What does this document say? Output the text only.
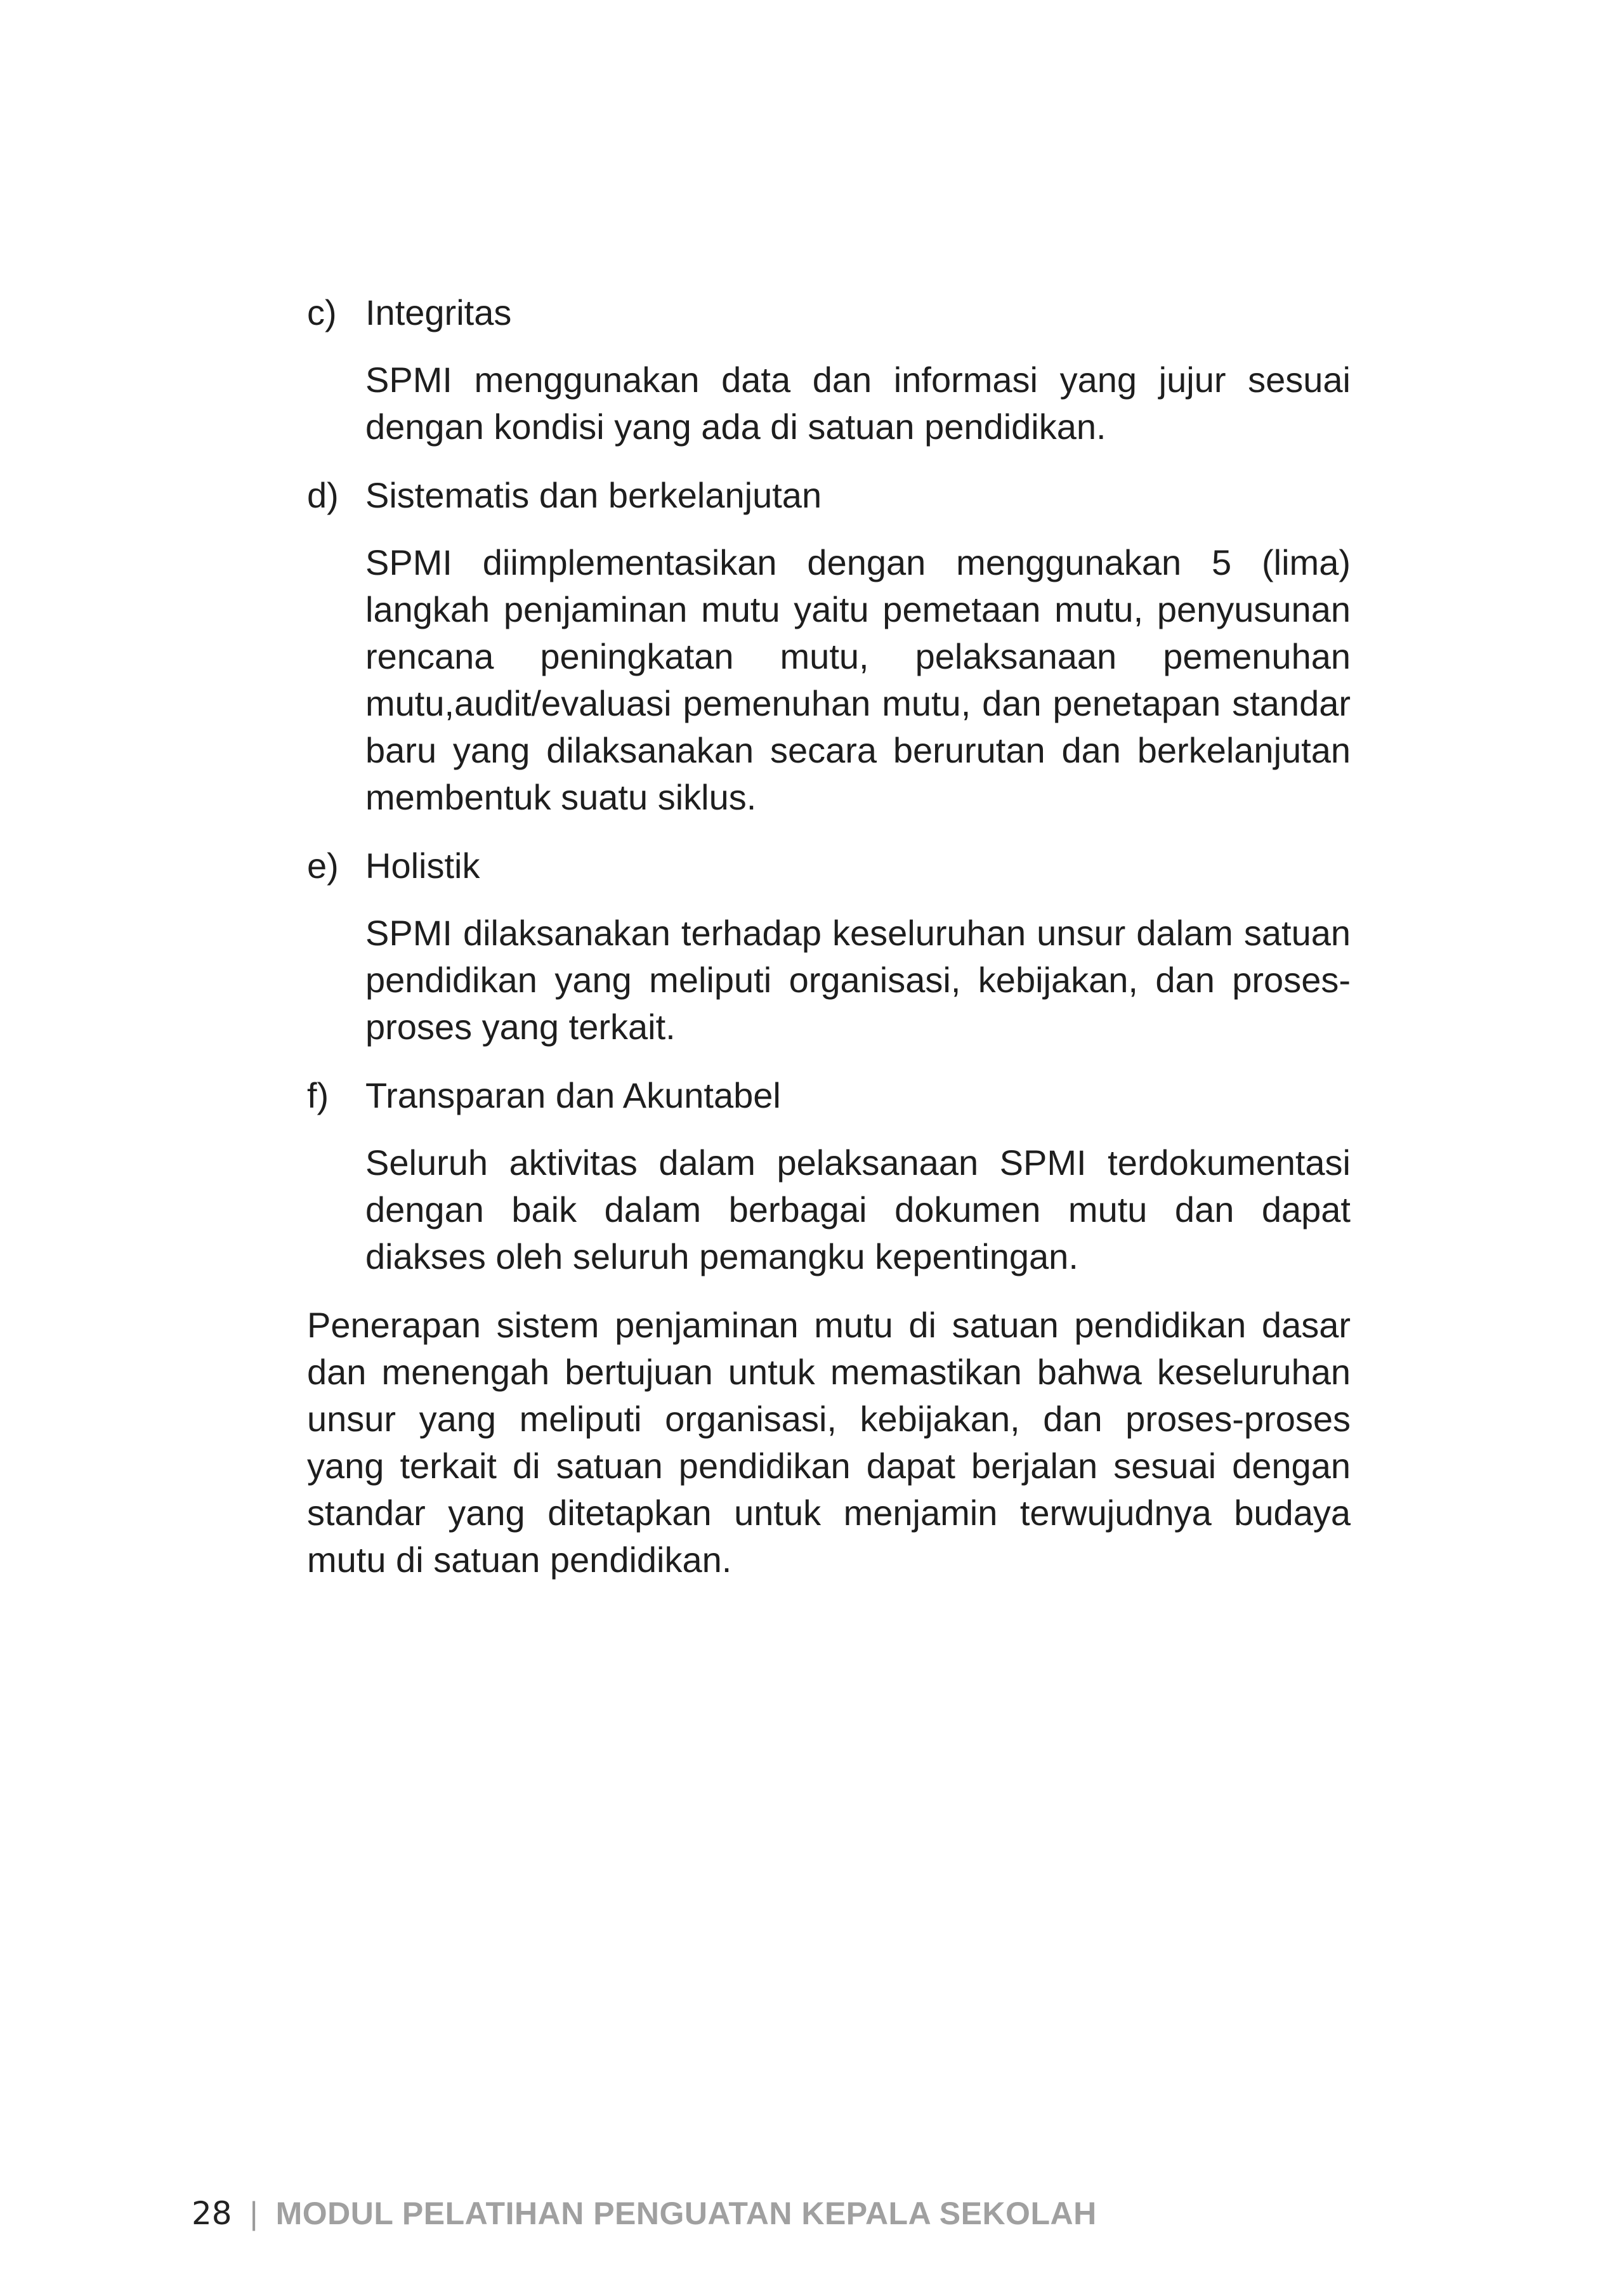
c) Integritas

SPMI menggunakan data dan informasi yang jujur sesuai dengan kondisi yang ada di satuan pendidikan.

d) Sistematis dan berkelanjutan

SPMI diimplementasikan dengan menggunakan 5 (lima) langkah penjaminan mutu yaitu pemetaan mutu, penyusunan rencana peningkatan mutu, pelaksanaan pemenuhan mutu,audit/evaluasi pemenuhan mutu, dan penetapan standar baru yang dilaksanakan secara berurutan dan berkelanjutan membentuk suatu siklus.

e) Holistik

SPMI dilaksanakan terhadap keseluruhan unsur dalam satuan pendidikan yang meliputi organisasi, kebijakan, dan proses-proses yang terkait.

f) Transparan dan Akuntabel

Seluruh aktivitas dalam pelaksanaan SPMI terdokumentasi dengan baik dalam berbagai dokumen mutu dan dapat diakses oleh seluruh pemangku kepentingan.

Penerapan sistem penjaminan mutu di satuan pendidikan dasar dan menengah bertujuan untuk memastikan bahwa keseluruhan unsur yang meliputi organisasi, kebijakan, dan proses-proses yang terkait di satuan pendidikan dapat berjalan sesuai dengan standar yang ditetapkan untuk menjamin terwujudnya budaya mutu di satuan pendidikan.

28 | MODUL PELATIHAN PENGUATAN KEPALA SEKOLAH
